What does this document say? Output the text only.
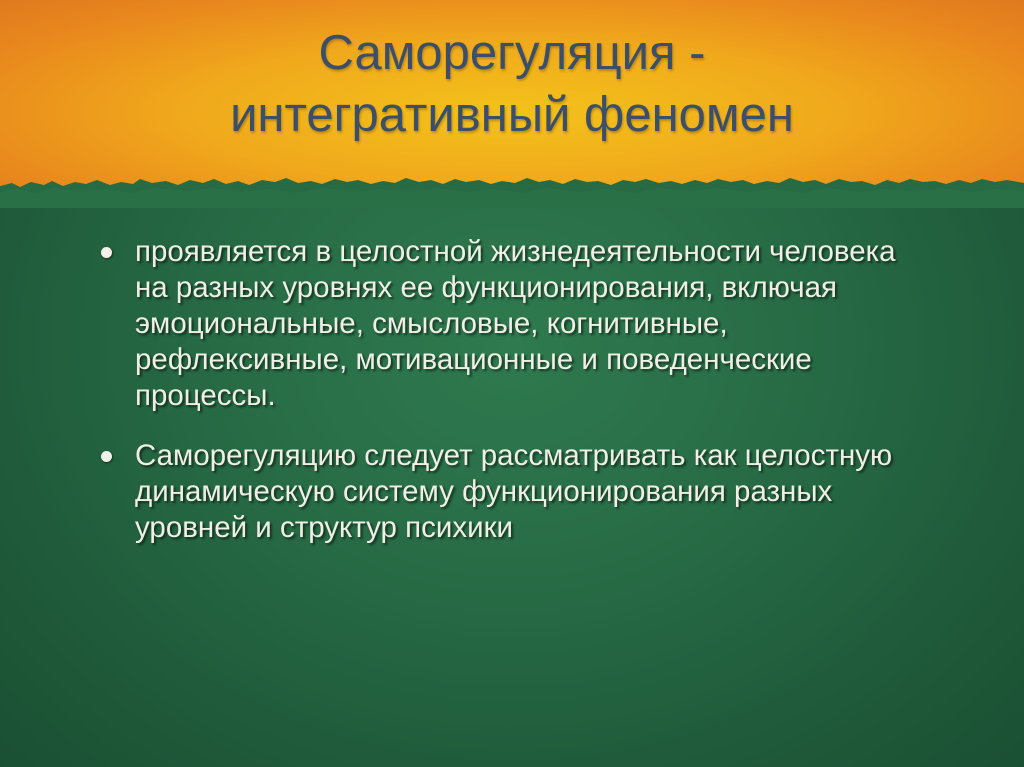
Саморегуляция -
интегративный феномен
проявляется в целостной жизнедеятельности человека на разных уровнях ее функционирования, включая эмоциональные, смысловые, когнитивные, рефлексивные, мотивационные и поведенческие процессы.
Саморегуляцию следует рассматривать как целостную динамическую систему функционирования разных уровней и структур психики
